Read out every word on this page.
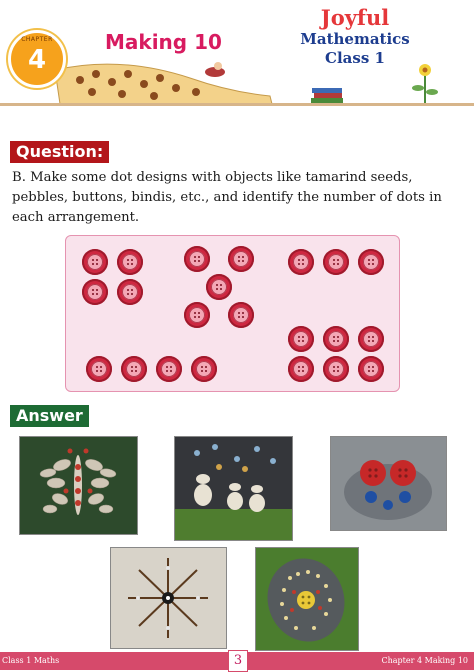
CHAPTER
4
Making 10
Joyful
Mathematics
Class 1
Question:
B. Make some dot designs with objects like tamarind seeds, pebbles, buttons, bindis, etc., and identify the number of dots in each arrangement.
Answer
Class 1 Maths	3	Chapter 4 Making 10
